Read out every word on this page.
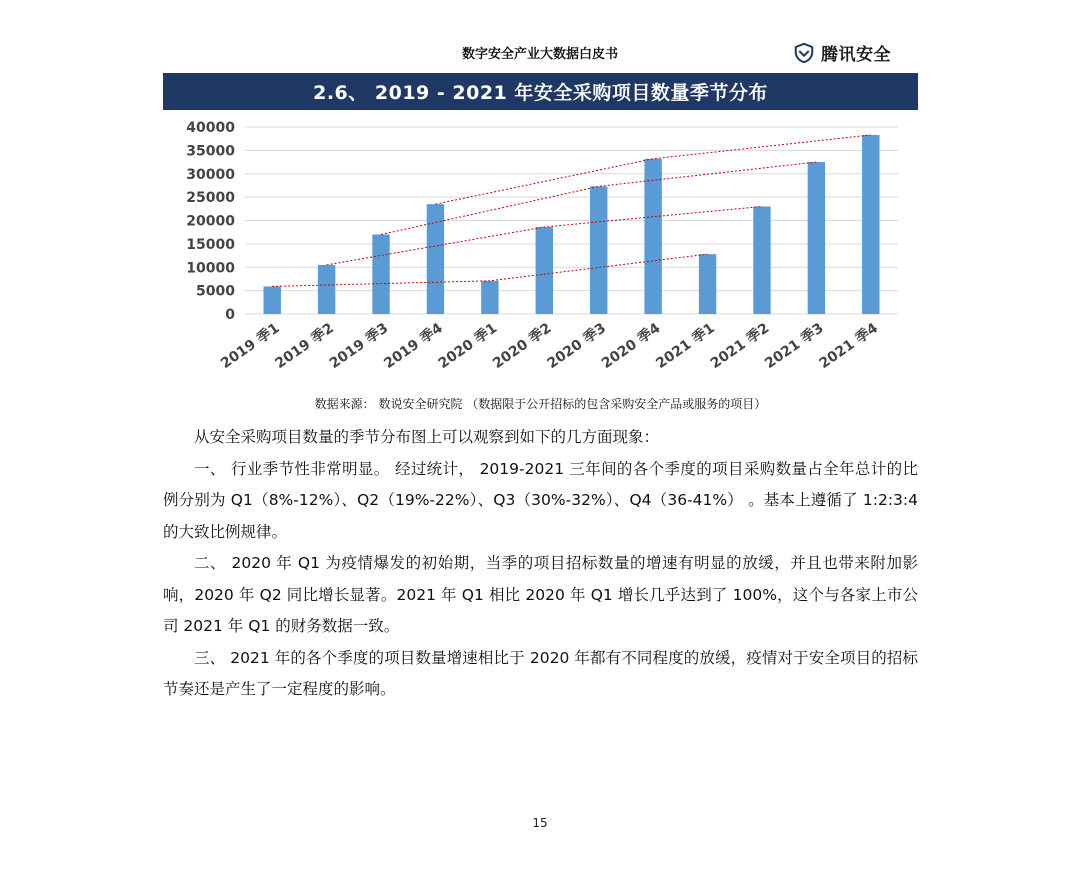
数字安全产业大数据白皮书	腾讯安全
2.6、 2019 - 2021 年安全采购项目数量季节分布
0
5000
10000
15000
20000
25000
30000
35000
40000
2019 季1
2019 季2
2019 季3
2019 季4
2020 季1
2020 季2
2020 季3
2020 季4
2021 季1
2021 季2
2021 季3
2021 季4
数据来源： 数说安全研究院 （数据限于公开招标的包含采购安全产品或服务的项目）

从安全采购项目数量的季节分布图上可以观察到如下的几方面现象：

一、 行业季节性非常明显。 经过统计， 2019-2021 三年间的各个季度的项目采购数量占全年总计的比例分别为 Q1（8%-12%）、Q2（19%-22%）、Q3（30%-32%）、Q4（36-41%） 。基本上遵循了 1:2:3:4 的大致比例规律。

二、 2020 年 Q1 为疫情爆发的初始期，当季的项目招标数量的增速有明显的放缓，并且也带来附加影响，2020 年 Q2 同比增长显著。2021 年 Q1 相比 2020 年 Q1 增长几乎达到了 100%，这个与各家上市公司 2021 年 Q1 的财务数据一致。

三、 2021 年的各个季度的项目数量增速相比于 2020 年都有不同程度的放缓，疫情对于安全项目的招标节奏还是产生了一定程度的影响。

15
